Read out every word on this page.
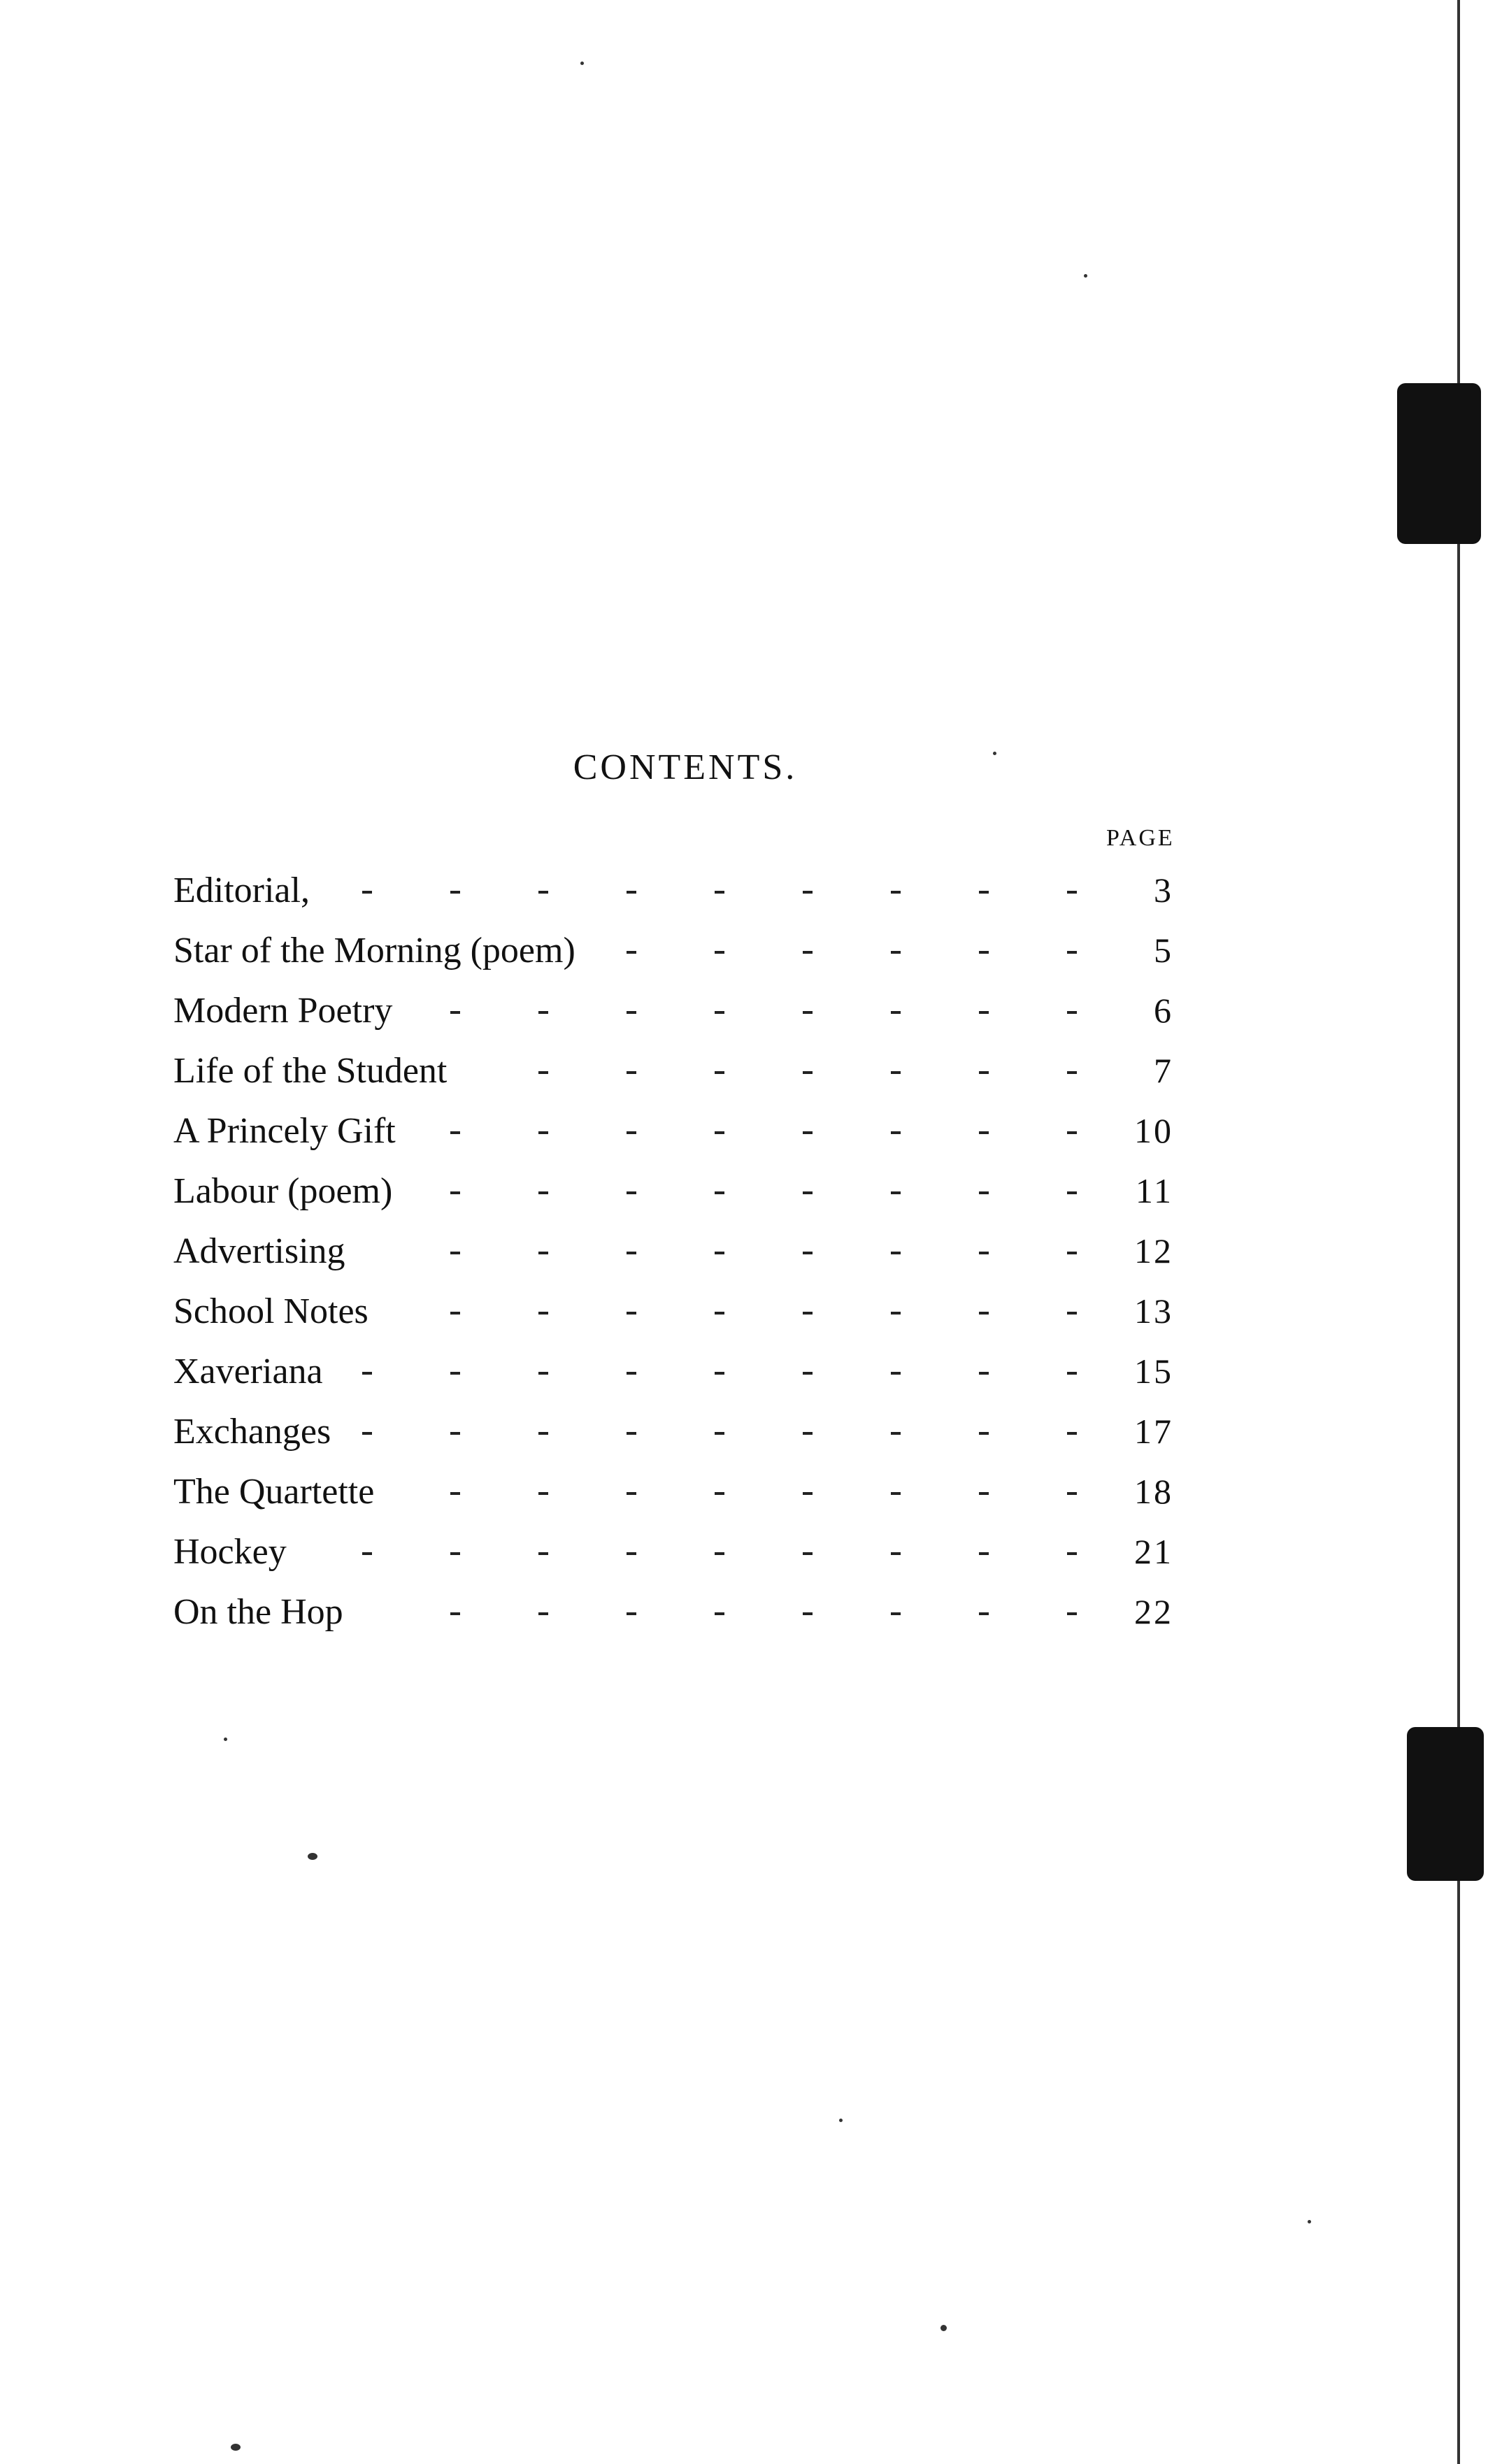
CONTENTS.
PAGE
Editorial,	3
Star of the Morning (poem)	5
Modern Poetry	6
Life of the Student	7
A Princely Gift	10
Labour (poem)	11
Advertising	12
School Notes	13
Xaveriana	15
Exchanges	17
The Quartette	18
Hockey	21
On the Hop	22
